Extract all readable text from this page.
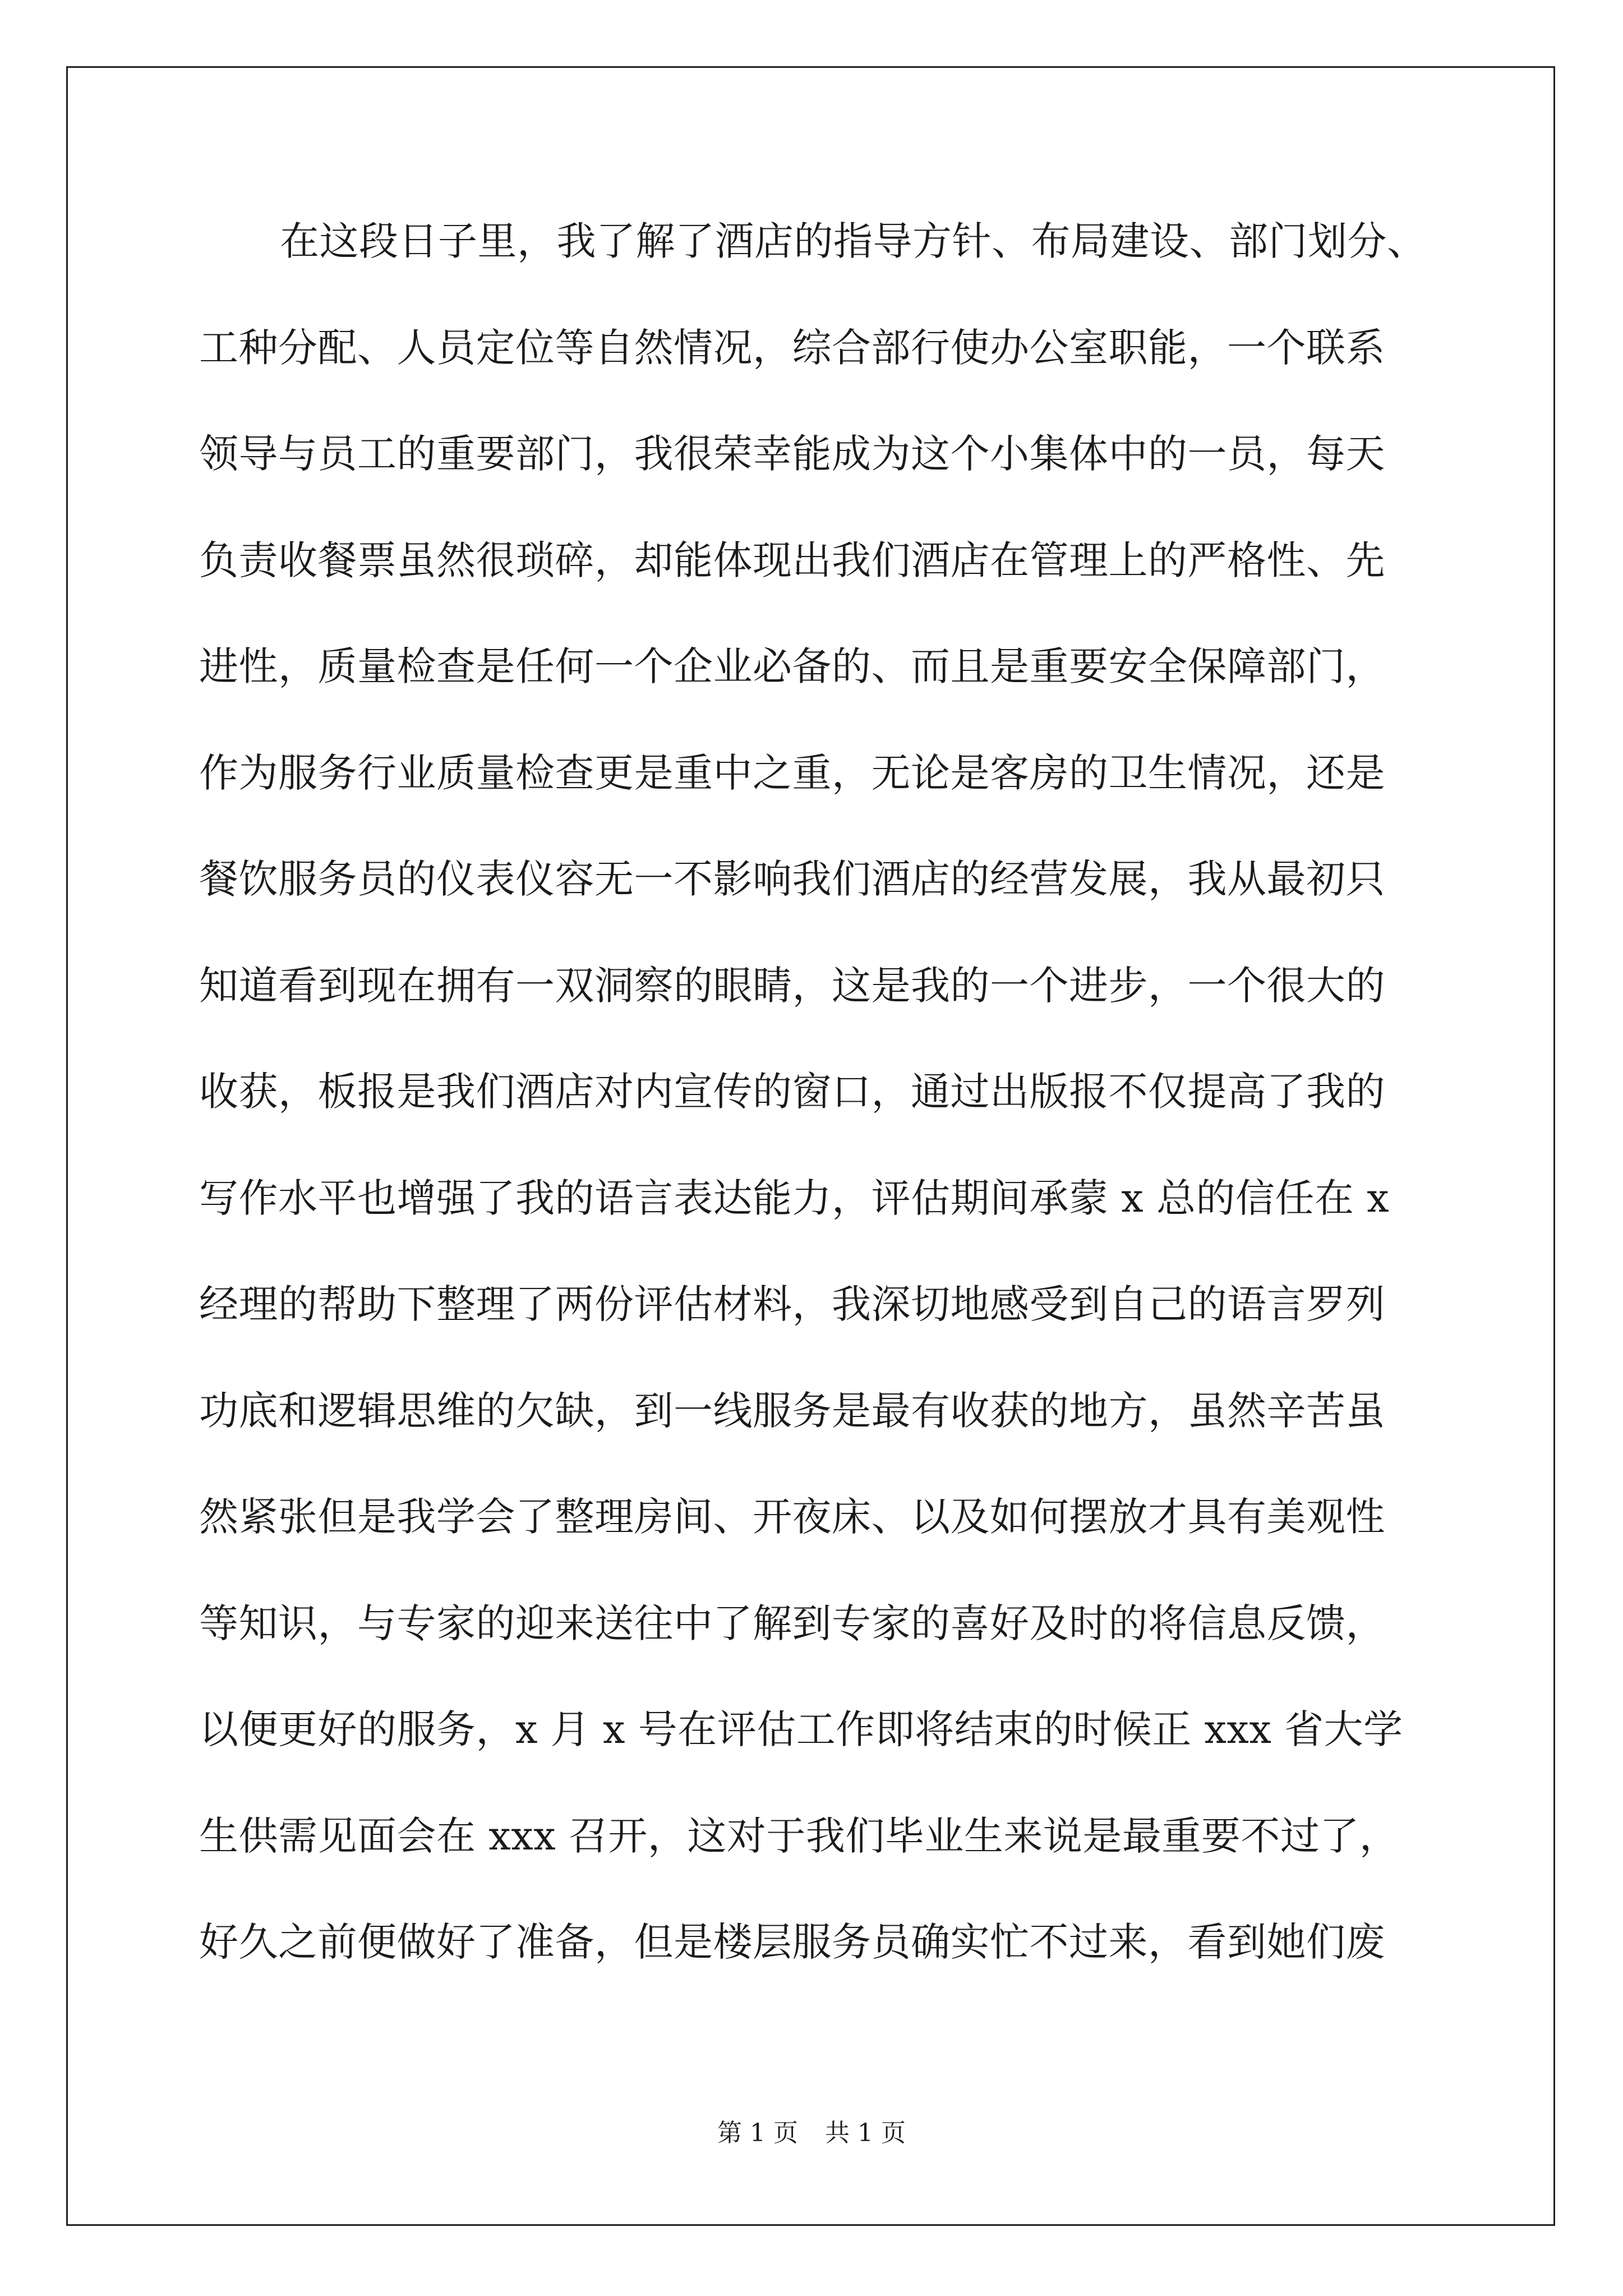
在这段日子里，我了解了酒店的指导方针、布局建设、部门划分、
工种分配、人员定位等自然情况，综合部行使办公室职能，一个联系
领导与员工的重要部门，我很荣幸能成为这个小集体中的一员，每天
负责收餐票虽然很琐碎，却能体现出我们酒店在管理上的严格性、先
进性，质量检查是任何一个企业必备的、而且是重要安全保障部门，
作为服务行业质量检查更是重中之重，无论是客房的卫生情况，还是
餐饮服务员的仪表仪容无一不影响我们酒店的经营发展，我从最初只
知道看到现在拥有一双洞察的眼睛，这是我的一个进步，一个很大的
收获，板报是我们酒店对内宣传的窗口，通过出版报不仅提高了我的
写作水平也增强了我的语言表达能力，评估期间承蒙 x 总的信任在 x
经理的帮助下整理了两份评估材料，我深切地感受到自己的语言罗列
功底和逻辑思维的欠缺，到一线服务是最有收获的地方，虽然辛苦虽
然紧张但是我学会了整理房间、开夜床、以及如何摆放才具有美观性
等知识，与专家的迎来送往中了解到专家的喜好及时的将信息反馈，
以便更好的服务，x 月 x 号在评估工作即将结束的时候正 xxx 省大学
生供需见面会在 xxx 召开，这对于我们毕业生来说是最重要不过了，
好久之前便做好了准备，但是楼层服务员确实忙不过来，看到她们废
第 1 页 共 1 页
